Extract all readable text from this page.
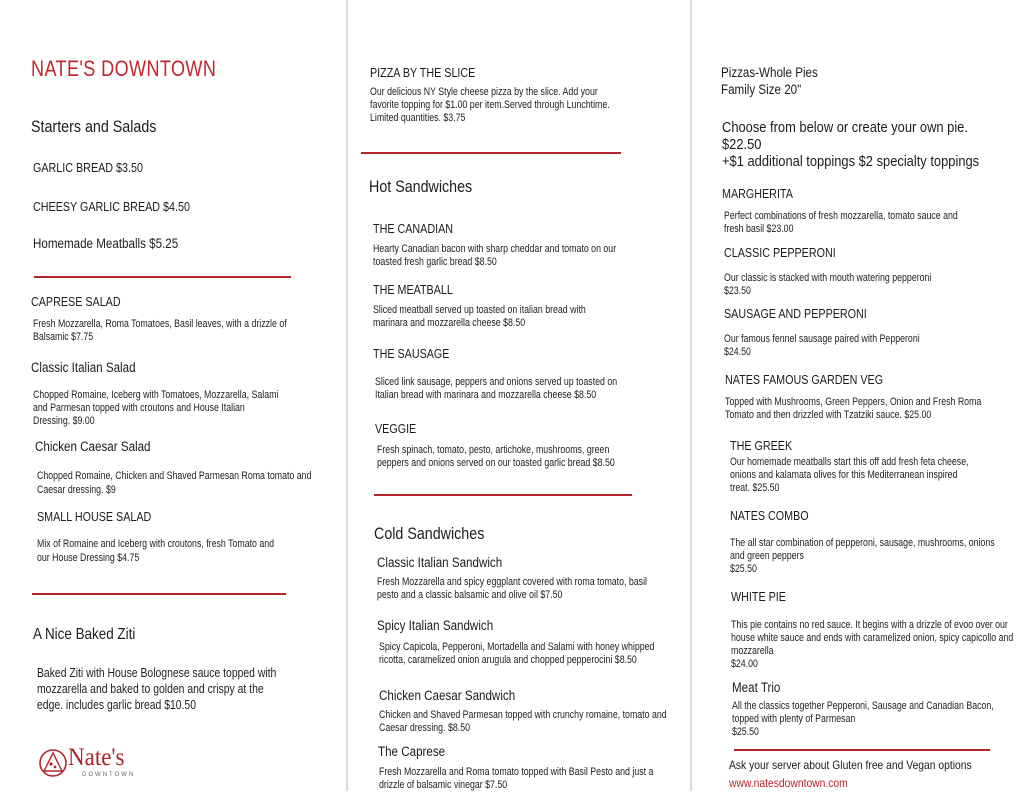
NATE'S DOWNTOWN
Starters and Salads
GARLIC BREAD $3.50
CHEESY GARLIC BREAD $4.50
Homemade Meatballs $5.25
CAPRESE SALAD
Fresh Mozzarella, Roma Tomatoes, Basil leaves, with a drizzle of
Balsamic $7.75
Classic Italian Salad
Chopped Romaine, Iceberg with Tomatoes, Mozzarella, Salami
and Parmesan topped with croutons and House Italian
Dressing. $9.00
Chicken Caesar Salad
Chopped Romaine, Chicken and Shaved Parmesan Roma tomato and
Caesar dressing. $9
SMALL HOUSE SALAD
Mix of Romaine and Iceberg with croutons, fresh Tomato and
our House Dressing $4.75
A Nice Baked Ziti
Baked Ziti with House Bolognese sauce topped with
mozzarella and baked to golden and crispy at the
edge. includes garlic bread $10.50
Nate's
DOWNTOWN
PIZZA BY THE SLICE
Our delicious NY Style cheese pizza by the slice. Add your
favorite topping for $1.00 per item.Served through Lunchtime.
Limited quantities. $3.75
Hot Sandwiches
THE CANADIAN
Hearty Canadian bacon with sharp cheddar and tomato on our
toasted fresh garlic bread $8.50
THE MEATBALL
Sliced meatball served up toasted on italian bread with
marinara and mozzarella cheese $8.50
THE SAUSAGE
Sliced link sausage, peppers and onions served up toasted on
Italian bread with marinara and mozzarella cheese $8.50
VEGGIE
Fresh spinach, tomato, pesto, artichoke, mushrooms, green
peppers and onions served on our toasted garlic bread $8.50
Cold Sandwiches
Classic Italian Sandwich
Fresh Mozzarella and spicy eggplant covered with roma tomato, basil
pesto and a classic balsamic and olive oil $7.50
Spicy Italian Sandwich
Spicy Capicola, Pepperoni, Mortadella and Salami with honey whipped
ricotta, caramelized onion arugula and chopped pepperocini $8.50
Chicken Caesar Sandwich
Chicken and Shaved Parmesan topped with crunchy romaine, tomato and
Caesar dressing. $8.50
The Caprese
Fresh Mozzarella and Roma tomato topped with Basil Pesto and just a
drizzle of balsamic vinegar $7.50
Pizzas-Whole Pies
Family Size 20"
Choose from below or create your own pie.
$22.50
+$1 additional toppings $2 specialty toppings
MARGHERITA
Perfect combinations of fresh mozzarella, tomato sauce and
fresh basil $23.00
CLASSIC PEPPERONI
Our classic is stacked with mouth watering pepperoni
$23.50
SAUSAGE AND PEPPERONI
Our famous fennel sausage paired with Pepperoni
$24.50
NATES FAMOUS GARDEN VEG
Topped with Mushrooms, Green Peppers, Onion and Fresh Roma
Tomato and then drizzled with Tzatziki sauce. $25.00
THE GREEK
Our homemade meatballs start this off add fresh feta cheese,
onions and kalamata olives for this Mediterranean inspired
treat. $25.50
NATES COMBO
The all star combination of pepperoni, sausage, mushrooms, onions
and green peppers
$25.50
WHITE PIE
This pie contains no red sauce. It begins with a drizzle of evoo over our
house white sauce and ends with caramelized onion, spicy capicollo and
mozzarella
$24.00
Meat Trio
All the classics together Pepperoni, Sausage and Canadian Bacon,
topped with plenty of Parmesan
$25.50
Ask your server about Gluten free and Vegan options
www.natesdowntown.com
